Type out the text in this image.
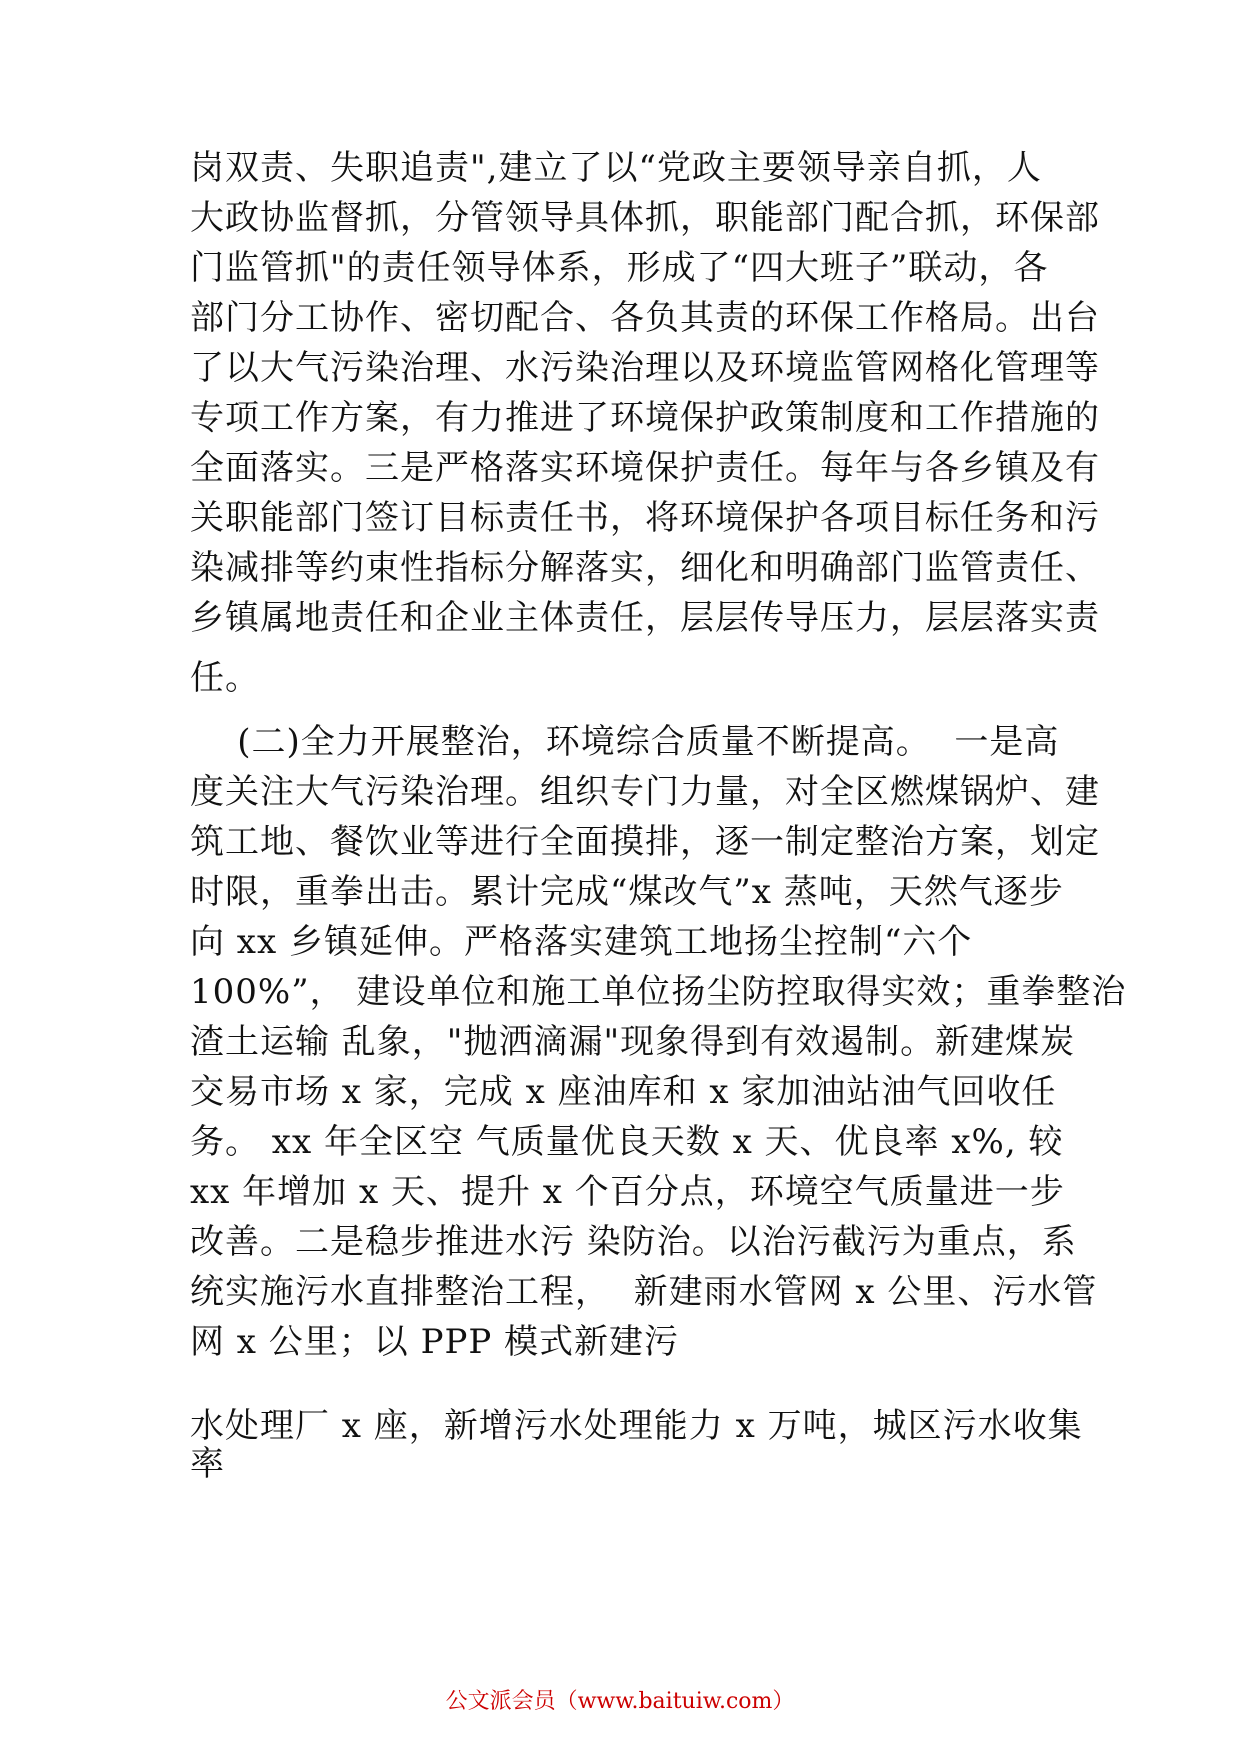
岗双责、失职追责",建立了以“党政主要领导亲自抓，人
大政协监督抓，分管领导具体抓，职能部门配合抓，环保部
门监管抓"的责任领导体系，形成了“四大班子”联动，各
部门分工协作、密切配合、各负其责的环保工作格局。出台
了以大气污染治理、水污染治理以及环境监管网格化管理等
专项工作方案，有力推进了环境保护政策制度和工作措施的
全面落实。三是严格落实环境保护责任。每年与各乡镇及有
关职能部门签订目标责任书，将环境保护各项目标任务和污
染减排等约束性指标分解落实，细化和明确部门监管责任、
乡镇属地责任和企业主体责任，层层传导压力，层层落实责
任。
(二)全力开展整治，环境综合质量不断提高。  一是高
度关注大气污染治理。组织专门力量，对全区燃煤锅炉、建
筑工地、餐饮业等进行全面摸排，逐一制定整治方案，划定
时限，重拳出击。累计完成“煤改气”x 蒸吨，天然气逐步
向 xx 乡镇延伸。严格落实建筑工地扬尘控制“六个
100%”， 建设单位和施工单位扬尘防控取得实效；重拳整治
渣土运输 乱象，"抛洒滴漏"现象得到有效遏制。新建煤炭
交易市场 x 家，完成 x 座油库和 x 家加油站油气回收任
务。 xx 年全区空 气质量优良天数 x 天、优良率 x%, 较
xx 年增加 x 天、提升 x 个百分点，环境空气质量进一步
改善。二是稳步推进水污 染防治。以治污截污为重点，系
统实施污水直排整治工程，  新建雨水管网 x 公里、污水管
网 x 公里；以 PPP 模式新建污
水处理厂 x 座，新增污水处理能力 x 万吨，城区污水收集
率
公文派会员（www.baituiw.com）
